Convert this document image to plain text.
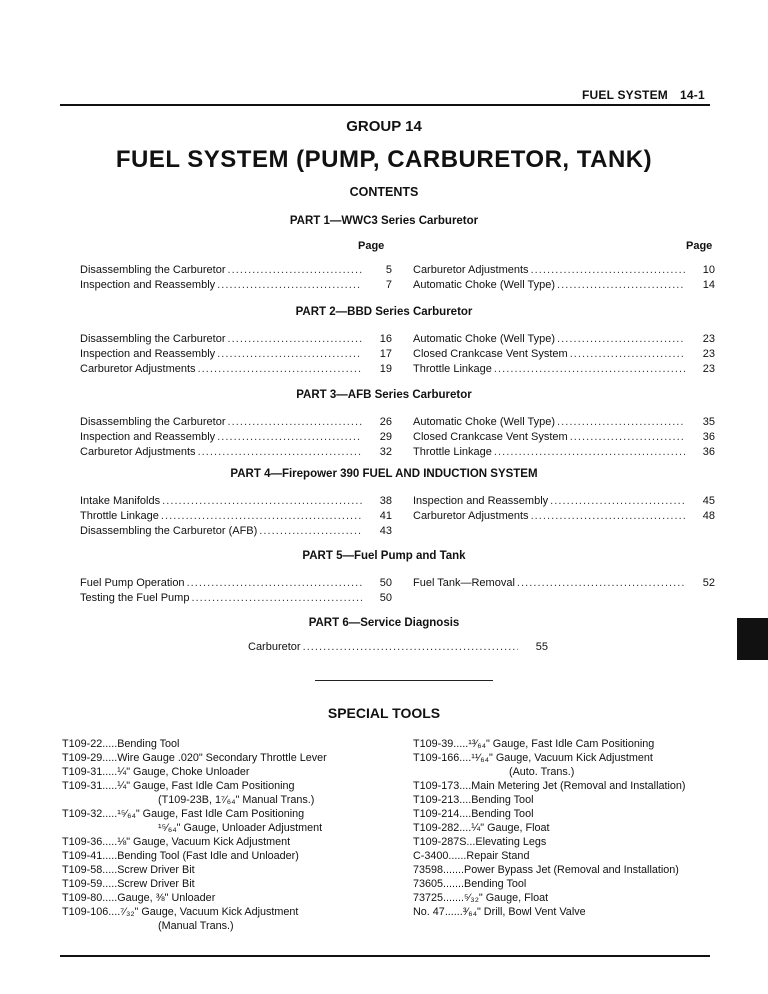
FUEL SYSTEM 14-1
GROUP 14
FUEL SYSTEM (PUMP, CARBURETOR, TANK)
CONTENTS
PART 1—WWC3 Series Carburetor
Page	Page
Disassembling the Carburetor . . .	5
Inspection and Reassembly . . .	7
Carburetor Adjustments . . .	10
Automatic Choke (Well Type) . . .	14
PART 2—BBD Series Carburetor
Disassembling the Carburetor . . .	16
Inspection and Reassembly . . .	17
Carburetor Adjustments . . .	19
Automatic Choke (Well Type) . . .	23
Closed Crankcase Vent System . . .	23
Throttle Linkage . . .	23
PART 3—AFB Series Carburetor
Disassembling the Carburetor . . .	26
Inspection and Reassembly . . .	29
Carburetor Adjustments . . .	32
Automatic Choke (Well Type) . . .	35
Closed Crankcase Vent System . . .	36
Throttle Linkage . . .	36
PART 4—Firepower 390 FUEL AND INDUCTION SYSTEM
Intake Manifolds . . .	38
Throttle Linkage . . .	41
Disassembling the Carburetor (AFB) . . .	43
Inspection and Reassembly . . .	45
Carburetor Adjustments . . .	48
PART 5—Fuel Pump and Tank
Fuel Pump Operation . . .	50
Testing the Fuel Pump . . .	50
Fuel Tank—Removal . . .	52
PART 6—Service Diagnosis
Carburetor . . .	55
SPECIAL TOOLS
T109-22.....Bending Tool
T109-29.....Wire Gauge .020" Secondary Throttle Lever
T109-31.....¼" Gauge, Choke Unloader
T109-31.....¼" Gauge, Fast Idle Cam Positioning
(T109-23B, 1⁷⁄₆₄" Manual Trans.)
T109-32.....¹⁵⁄₆₄" Gauge, Fast Idle Cam Positioning
¹⁵⁄₆₄" Gauge, Unloader Adjustment
T109-36.....⅛" Gauge, Vacuum Kick Adjustment
T109-41.....Bending Tool (Fast Idle and Unloader)
T109-58.....Screw Driver Bit
T109-59.....Screw Driver Bit
T109-80.....Gauge, ⅜" Unloader
T109-106....⁷⁄₃₂" Gauge, Vacuum Kick Adjustment
(Manual Trans.)
T109-39.....¹³⁄₆₄" Gauge, Fast Idle Cam Positioning
T109-166....¹¹⁄₆₄" Gauge, Vacuum Kick Adjustment
(Auto. Trans.)
T109-173....Main Metering Jet (Removal and Installation)
T109-213....Bending Tool
T109-214....Bending Tool
T109-282....¼" Gauge, Float
T109-287S...Elevating Legs
C-3400......Repair Stand
73598.......Power Bypass Jet (Removal and Installation)
73605.......Bending Tool
73725.......⁵⁄₃₂" Gauge, Float
No. 47......³⁄₆₄" Drill, Bowl Vent Valve
